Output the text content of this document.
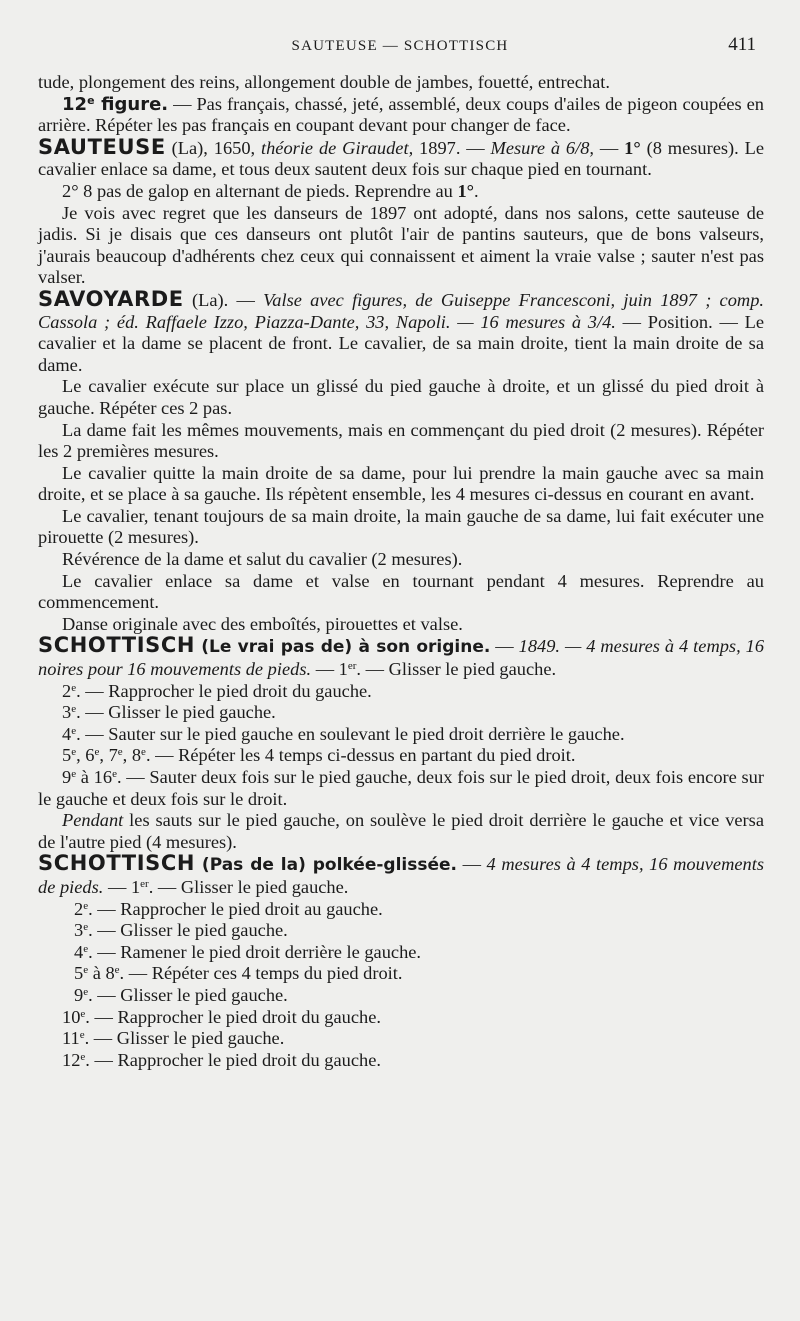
SAUTEUSE — SCHOTTISCH	411

tude, plongement des reins, allongement double de jambes, fouetté, entrechat.

12e figure. — Pas français, chassé, jeté, assemblé, deux coups d'ailes de pigeon coupées en arrière. Répéter les pas français en coupant devant pour changer de face.

SAUTEUSE (La), 1650, théorie de Giraudet, 1897. — Mesure à 6/8, — 1° (8 mesures). Le cavalier enlace sa dame, et tous deux sautent deux fois sur chaque pied en tournant.

2° 8 pas de galop en alternant de pieds. Reprendre au 1°.

Je vois avec regret que les danseurs de 1897 ont adopté, dans nos salons, cette sauteuse de jadis. Si je disais que ces danseurs ont plutôt l'air de pantins sauteurs, que de bons valseurs, j'aurais beaucoup d'adhérents chez ceux qui connaissent et aiment la vraie valse ; sauter n'est pas valser.

SAVOYARDE (La). — Valse avec figures, de Guiseppe Francesconi, juin 1897 ; comp. Cassola ; éd. Raffaele Izzo, Piazza-Dante, 33, Napoli. — 16 mesures à 3/4. — Position. — Le cavalier et la dame se placent de front. Le cavalier, de sa main droite, tient la main droite de sa dame.

Le cavalier exécute sur place un glissé du pied gauche à droite, et un glissé du pied droit à gauche. Répéter ces 2 pas.

La dame fait les mêmes mouvements, mais en commençant du pied droit (2 mesures). Répéter les 2 premières mesures.

Le cavalier quitte la main droite de sa dame, pour lui prendre la main gauche avec sa main droite, et se place à sa gauche. Ils répètent ensemble, les 4 mesures ci-dessus en courant en avant.

Le cavalier, tenant toujours de sa main droite, la main gauche de sa dame, lui fait exécuter une pirouette (2 mesures).

Révérence de la dame et salut du cavalier (2 mesures).

Le cavalier enlace sa dame et valse en tournant pendant 4 mesures. Reprendre au commencement.

Danse originale avec des emboîtés, pirouettes et valse.

SCHOTTISCH (Le vrai pas de) à son origine. — 1849. — 4 mesures à 4 temps, 16 noires pour 16 mouvements de pieds. — 1er. — Glisser le pied gauche.

2e. — Rapprocher le pied droit du gauche.

3e. — Glisser le pied gauche.

4e. — Sauter sur le pied gauche en soulevant le pied droit derrière le gauche.

5e, 6e, 7e, 8e. — Répéter les 4 temps ci-dessus en partant du pied droit.

9e à 16e. — Sauter deux fois sur le pied gauche, deux fois sur le pied droit, deux fois encore sur le gauche et deux fois sur le droit.

Pendant les sauts sur le pied gauche, on soulève le pied droit derrière le gauche et vice versa de l'autre pied (4 mesures).

SCHOTTISCH (Pas de la) polkée-glissée. — 4 mesures à 4 temps, 16 mouvements de pieds. — 1er. — Glisser le pied gauche.

2e. — Rapprocher le pied droit au gauche.

3e. — Glisser le pied gauche.

4e. — Ramener le pied droit derrière le gauche.

5e à 8e. — Répéter ces 4 temps du pied droit.

9e. — Glisser le pied gauche.

10e. — Rapprocher le pied droit du gauche.

11e. — Glisser le pied gauche.

12e. — Rapprocher le pied droit du gauche.
